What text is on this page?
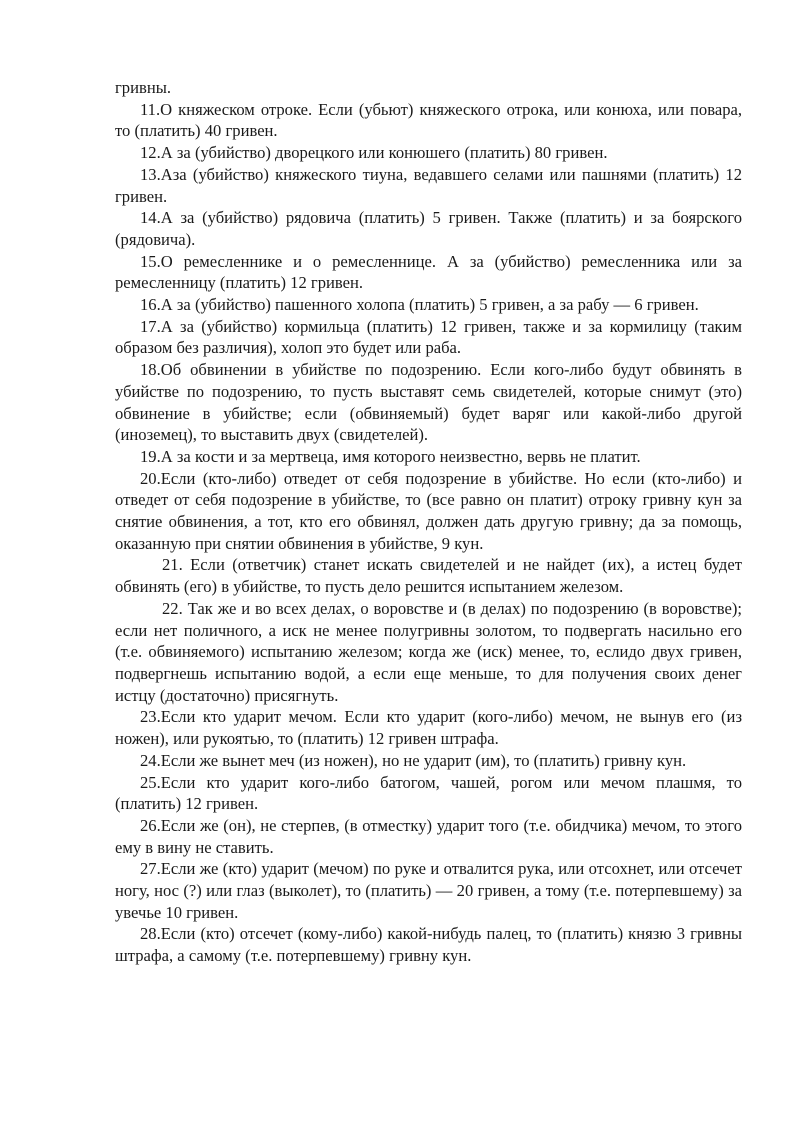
гривны.

11.О княжеском отроке. Если (убьют) княжеского отрока, или конюха, или повара, то (платить) 40 гривен.

12.А за (убийство) дворецкого или конюшего (платить) 80 гривен.

13.Аза (убийство) княжеского тиуна, ведавшего селами или пашнями (платить) 12 гривен.

14.А за (убийство) рядовича (платить) 5 гривен. Также (платить) и за боярского (рядовича).

15.О ремесленнике и о ремесленнице. А за (убийство) ремесленника или за ремесленницу (платить) 12 гривен.

16.А за (убийство) пашенного холопа (платить) 5 гривен, а за рабу — 6 гривен.

17.А за (убийство) кормильца (платить) 12 гривен, также и за кормилицу (таким образом без различия), холоп это будет или раба.

18.Об обвинении в убийстве по подозрению. Если кого-либо будут обвинять в убийстве по подозрению, то пусть выставят семь свидетелей, которые снимут (это) обвинение в убийстве; если (обвиняемый) будет варяг или какой-либо другой (иноземец), то выставить двух (свидетелей).

19.А за кости и за мертвеца, имя которого неизвестно, вервь не платит.

20.Если (кто-либо) отведет от себя подозрение в убийстве. Но если (кто-либо) и отведет от себя подозрение в убийстве, то (все равно он платит) отроку гривну кун за снятие обвинения, а тот, кто его обвинял, должен дать другую гривну; да за помощь, оказанную при снятии обвинения в убийстве, 9 кун.

21. Если (ответчик) станет искать свидетелей и не найдет (их), а истец будет обвинять (его) в убийстве, то пусть дело решится испытанием железом.

22. Так же и во всех делах, о воровстве и (в делах) по подозрению (в воровстве); если нет поличного, а иск не менее полугривны золотом, то подвергать насильно его (т.е. обвиняемого) испытанию железом; когда же (иск) менее, то, еслидо двух гривен, подвергнешь испытанию водой, а если еще меньше, то для получения своих денег истцу (достаточно) присягнуть.

23.Если кто ударит мечом. Если кто ударит (кого-либо) мечом, не вынув его (из ножен), или рукоятью, то (платить) 12 гривен штрафа.

24.Если же вынет меч (из ножен), но не ударит (им), то (платить) гривну кун.

25.Если кто ударит кого-либо батогом, чашей, рогом или мечом плашмя, то (платить) 12 гривен.

26.Если же (он), не стерпев, (в отместку) ударит того (т.е. обидчика) мечом, то этого ему в вину не ставить.

27.Если же (кто) ударит (мечом) по руке и отвалится рука, или отсохнет, или отсечет ногу, нос (?) или глаз (выколет), то (платить) — 20 гривен, а тому (т.е. потерпевшему) за увечье 10 гривен.

28.Если (кто) отсечет (кому-либо) какой-нибудь палец, то (платить) князю 3 гривны штрафа, а самому (т.е. потерпевшему) гривну кун.
